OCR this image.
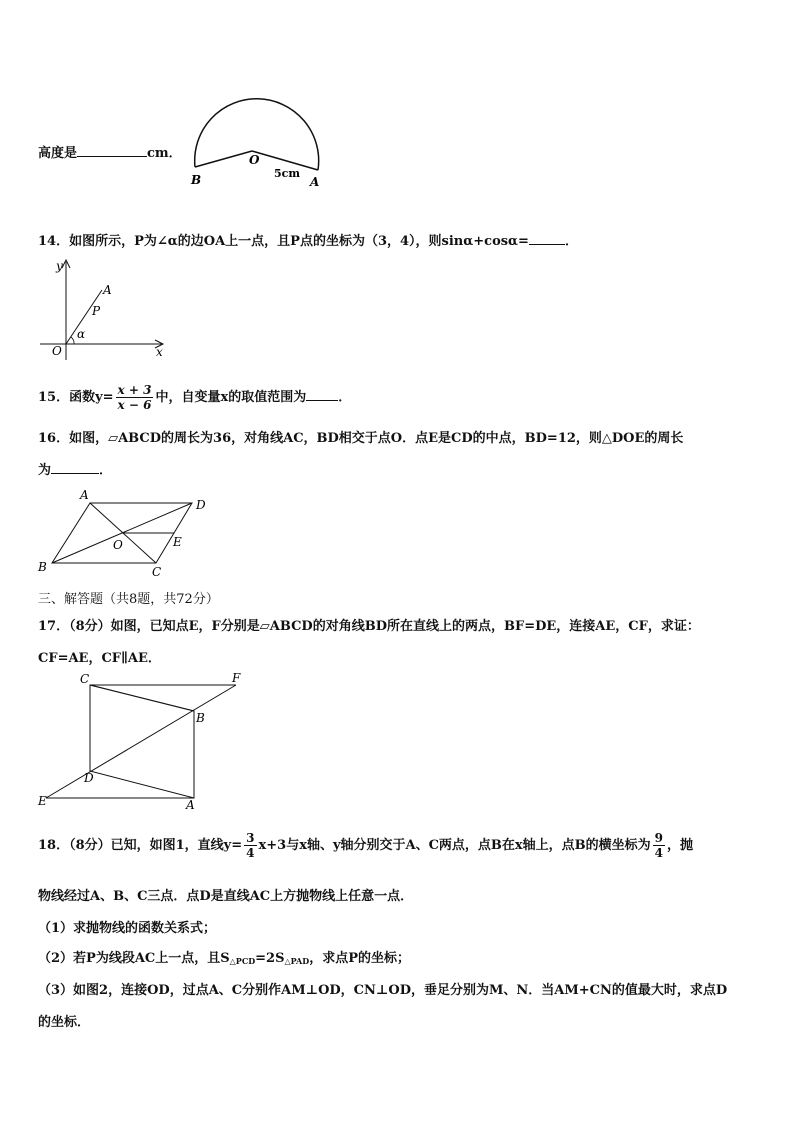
高度是	cm．
B
O
5cm
A
14．如图所示，P为∠α的边OA上一点，且P点的坐标为（3，4），则sinα+cosα=	．
y
x
O
A
P
α
15．函数$y= \frac{x + 3}{x - 6}$ 中，自变量x的取值范围为 ．
16．如图，▱ABCD的周长为36，对角线AC，BD相交于点O．点E是CD的中点，BD=12，则△DOE的周长
为	．
A
D
B	C
O	E
三、解答题（共8题，共72分）
17．（8分）如图，已知点E，F分别是▱ABCD的对角线BD所在直线上的两点，BF=DE，连接AE，CF，求证：
CF=AE，CF∥AE．
C	F
B
D
E	A
18．（8分）已知，如图1，直线$y= \frac{3}{4} x+3$与x轴、y轴分别交于A、C两点，点B在x轴上，点B的横坐标为 $\frac{9}{4}$ ，抛
物线经过A、B、C三点．点D是直线AC上方抛物线上任意一点．
（1）求抛物线的函数关系式；
（2）若P为线段AC上一点，且$S_{\triangle PCD}=2S_{\triangle PAD}$，求点P的坐标；
（3）如图2，连接OD，过点A、C分别作AM⊥OD，CN⊥OD，垂足分别为M、N．当AM+CN的值最大时，求点D
的坐标．
